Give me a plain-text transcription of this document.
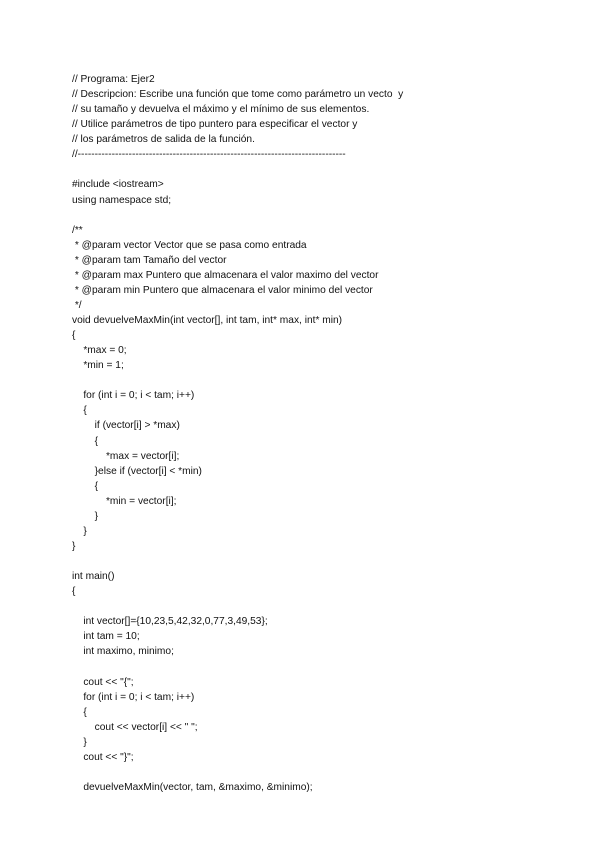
// Programa: Ejer2
// Descripcion: Escribe una función que tome como parámetro un vecto  y
// su tamaño y devuelva el máximo y el mínimo de sus elementos.
// Utilice parámetros de tipo puntero para especificar el vector y
// los parámetros de salida de la función.
//-------------------------------------------------------------------------------
#include <iostream>
using namespace std;
/**
* @param vector Vector que se pasa como entrada
* @param tam Tamaño del vector
* @param max Puntero que almacenara el valor maximo del vector
* @param min Puntero que almacenara el valor minimo del vector
*/
void devuelveMaxMin(int vector[], int tam, int* max, int* min)
{
*max = 0;
*min = 1;
for (int i = 0; i < tam; i++)
{
if (vector[i] > *max)
{
*max = vector[i];
}else if (vector[i] < *min)
{
*min = vector[i];
}
}
}
int main()
{
int vector[]={10,23,5,42,32,0,77,3,49,53};
int tam = 10;
int maximo, minimo;
cout << "{";
for (int i = 0; i < tam; i++)
{
cout << vector[i] << " ";
}
cout << "}";
devuelveMaxMin(vector, tam, &maximo, &minimo);
